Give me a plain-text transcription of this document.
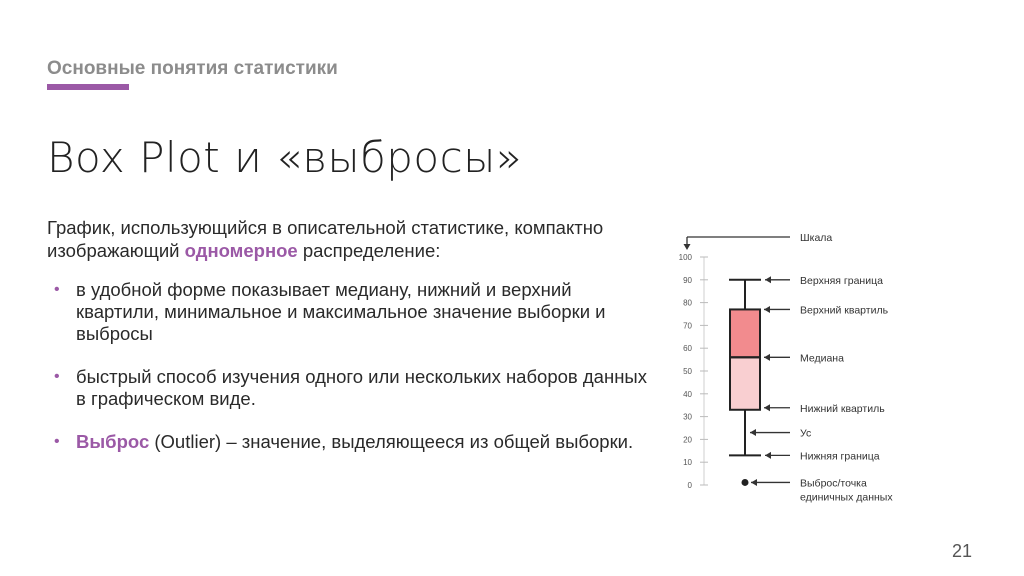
Основные понятия статистики
Box Plot и «выбросы»
График, использующийся в описательной статистике, компактно изображающий одномерное распределение:
• в удобной форме показывает медиану, нижний и верхний квартили, минимальное и максимальное значение выборки и выбросы
• быстрый способ изучения одного или нескольких наборов данных в графическом виде.
• Выброс (Outlier) – значение, выделяющееся из общей выборки.
100
90
80
70
60
50
40
30
20
10
0
Шкала
Верхняя граница
Верхний квартиль
Медиана
Нижний квартиль
Ус
Нижняя граница
Выброс/точка
единичных данных
21
